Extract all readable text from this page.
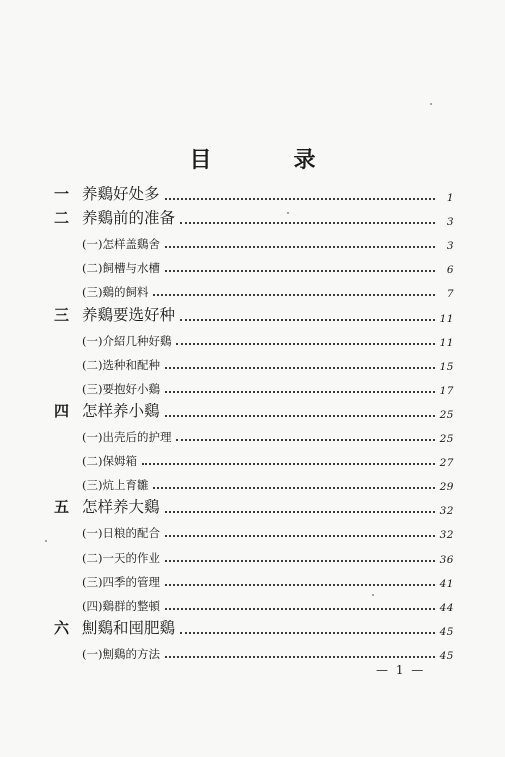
目　录
一 养鷄好处多	1
二 养鷄前的准备	3
(一)怎样盖鷄舍	3
(二)飼槽与水槽	6
(三)鷄的飼料	7
三 养鷄要选好种	11
(一)介紹几种好鷄	11
(二)选种和配种	15
(三)要抱好小鷄	17
四 怎样养小鷄	25
(一)出壳后的护理	25
(二)保姆箱	27
(三)炕上育雛	29
五 怎样养大鷄	32
(一)日粮的配合	32
(二)一天的作业	36
(三)四季的管理	41
(四)鷄群的整頓	44
六 劁鷄和囤肥鷄	45
(一)劁鷄的方法	45
— 1 —
